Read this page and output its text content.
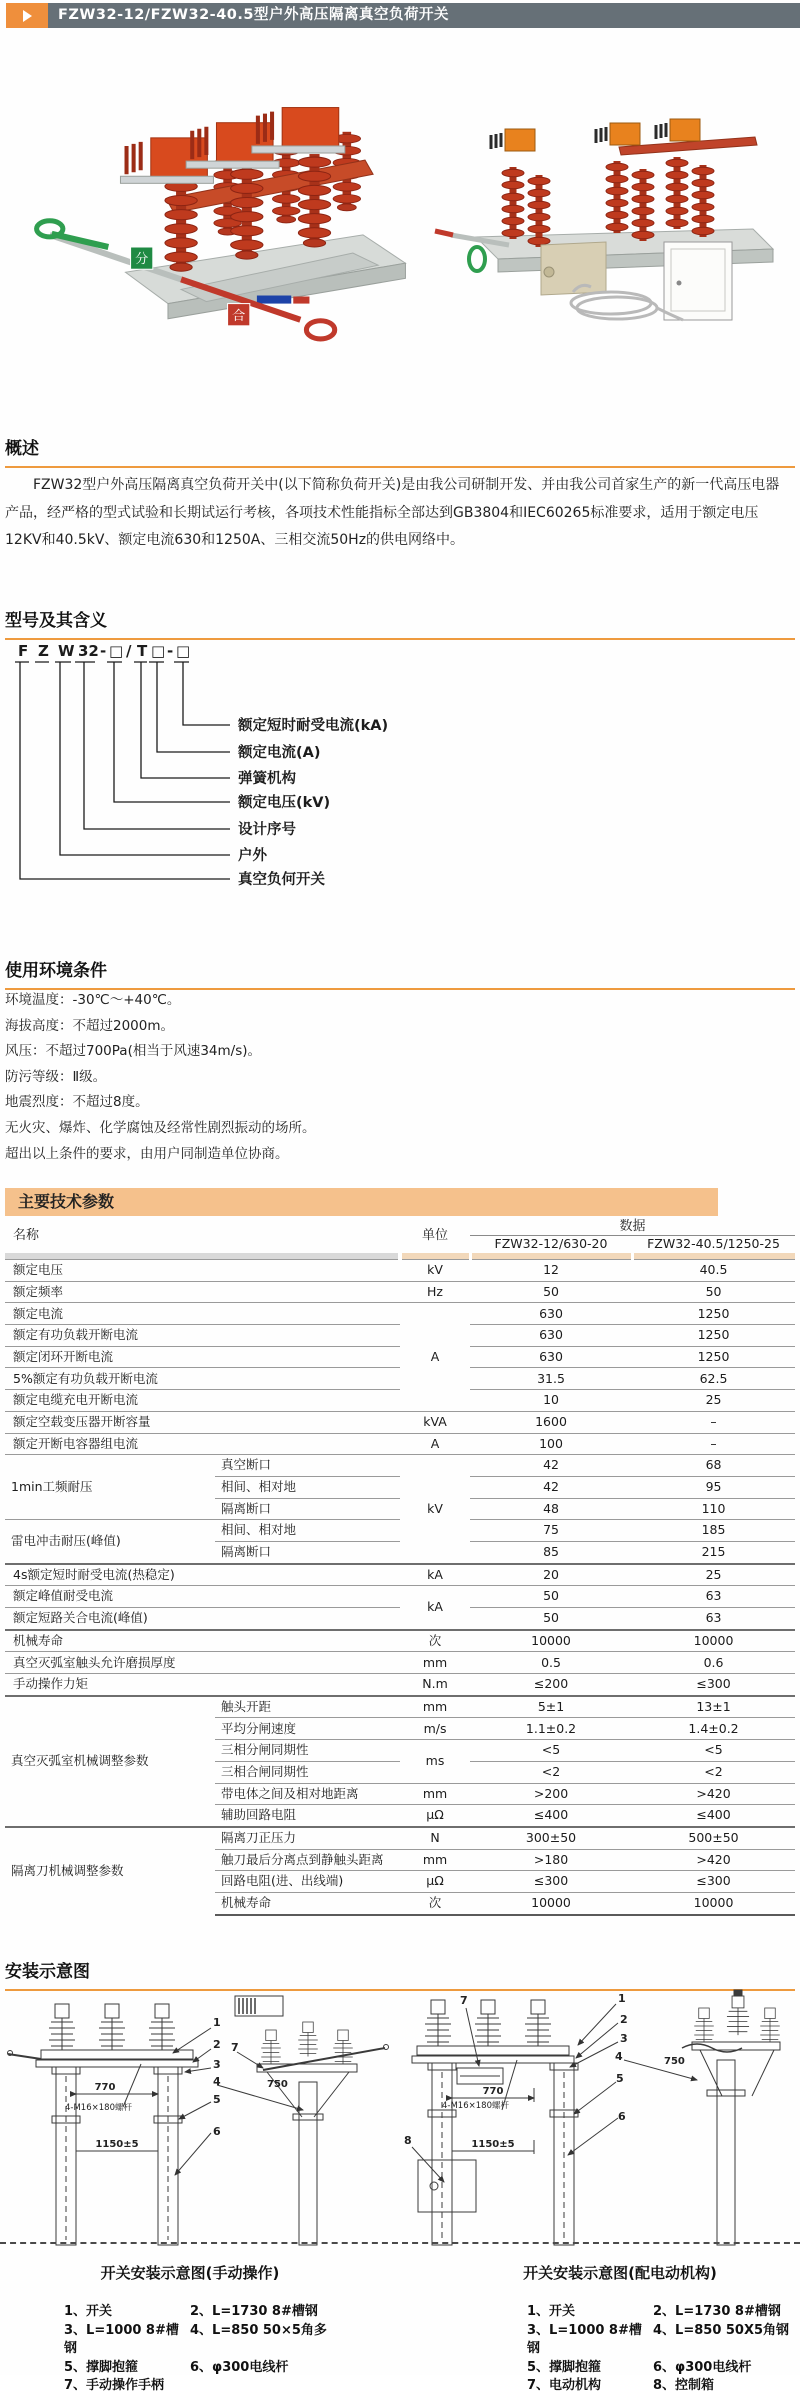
FZW32-12/FZW32-40.5型户外高压隔离真空负荷开关
分
合
概述

FZW32型户外高压隔离真空负荷开关中(以下简称负荷开关)是由我公司研制开发、并由我公司首家生产的新一代高压电器产品，经严格的型式试验和长期试运行考核，各项技术性能指标全部达到GB3804和IEC60265标准要求，适用于额定电压12KV和40.5kV、额定电流630和1250A、三相交流50Hz的供电网络中。

型号及其含义
F Z W 32 - □ / T □ - □
额定短时耐受电流(kA)
额定电流(A)
弹簧机构
额定电压(kV)
设计序号
户外
真空负何开关
使用环境条件
环境温度：-30℃～+40℃。
海拔高度：不超过2000m。
风压：不超过700Pa(相当于风速34m/s)。
防污等级：Ⅱ级。
地震烈度：不超过8度。
无火灾、爆炸、化学腐蚀及经常性剧烈振动的场所。
超出以上条件的要求，由用户同制造单位协商。
主要技术参数
名称		单位	数据	
			FZW32-12/630-20	FZW32-40.5/1250-25

额定电压		kV	12	40.5
额定频率		Hz	50	50
额定电流		A	630	1250
额定有功负载开断电流			630	1250
额定闭环开断电流			630	1250
5%额定有功负载开断电流			31.5	62.5
额定电缆充电开断电流			10	25
额定空载变压器开断容量		kVA	1600	–
额定开断电容器组电流		A	100	–
1min工频耐压	真空断口	kV	42	68
	相间、相对地		42	95
	隔离断口		48	110
雷电冲击耐压(峰值)	相间、相对地		75	185
	隔离断口		85	215
4s额定短时耐受电流(热稳定)		kA	20	25
额定峰值耐受电流		kA	50	63
额定短路关合电流(峰值)			50	63
机械寿命		次	10000	10000
真空灭弧室触头允许磨损厚度		mm	0.5	0.6
手动操作力矩		N.m	≤200	≤300
真空灭弧室机械调整参数	触头开距	mm	5±1	13±1
	平均分闸速度	m/s	1.1±0.2	1.4±0.2
	三相分闸同期性	ms	<5	<5
	三相合闸同期性		<2	<2
	带电体之间及相对地距离	mm	>200	>420
	辅助回路电阻	μΩ	≤400	≤400
隔离刀机械调整参数	隔离刀正压力	N	300±50	500±50
	触刀最后分离点到静触头距离	mm	>180	>420
	回路电阻(进、出线端)	μΩ	≤300	≤300
	机械寿命	次	10000	10000
安装示意图
1
2
3
4
5
6
7
770
4-M16×180螺杆
1150±5
750
1
2
3
4
5
6
7
8
770
4-M16×180螺杆
1150±5
750
开关安装示意图(手动操作)	开关安装示意图(配电动机构)
1、开关	2、L=1730 8#槽钢
3、L=1000 8#槽钢
4、L=850 50×5角多
5、撑脚抱箍	6、φ300电线杆
7、手动操作手柄
1、开关	2、L=1730 8#槽钢
3、L=1000 8#槽钢
4、L=850 50X5角钢
5、撑脚抱箍	6、φ300电线杆
7、电动机构	8、控制箱
